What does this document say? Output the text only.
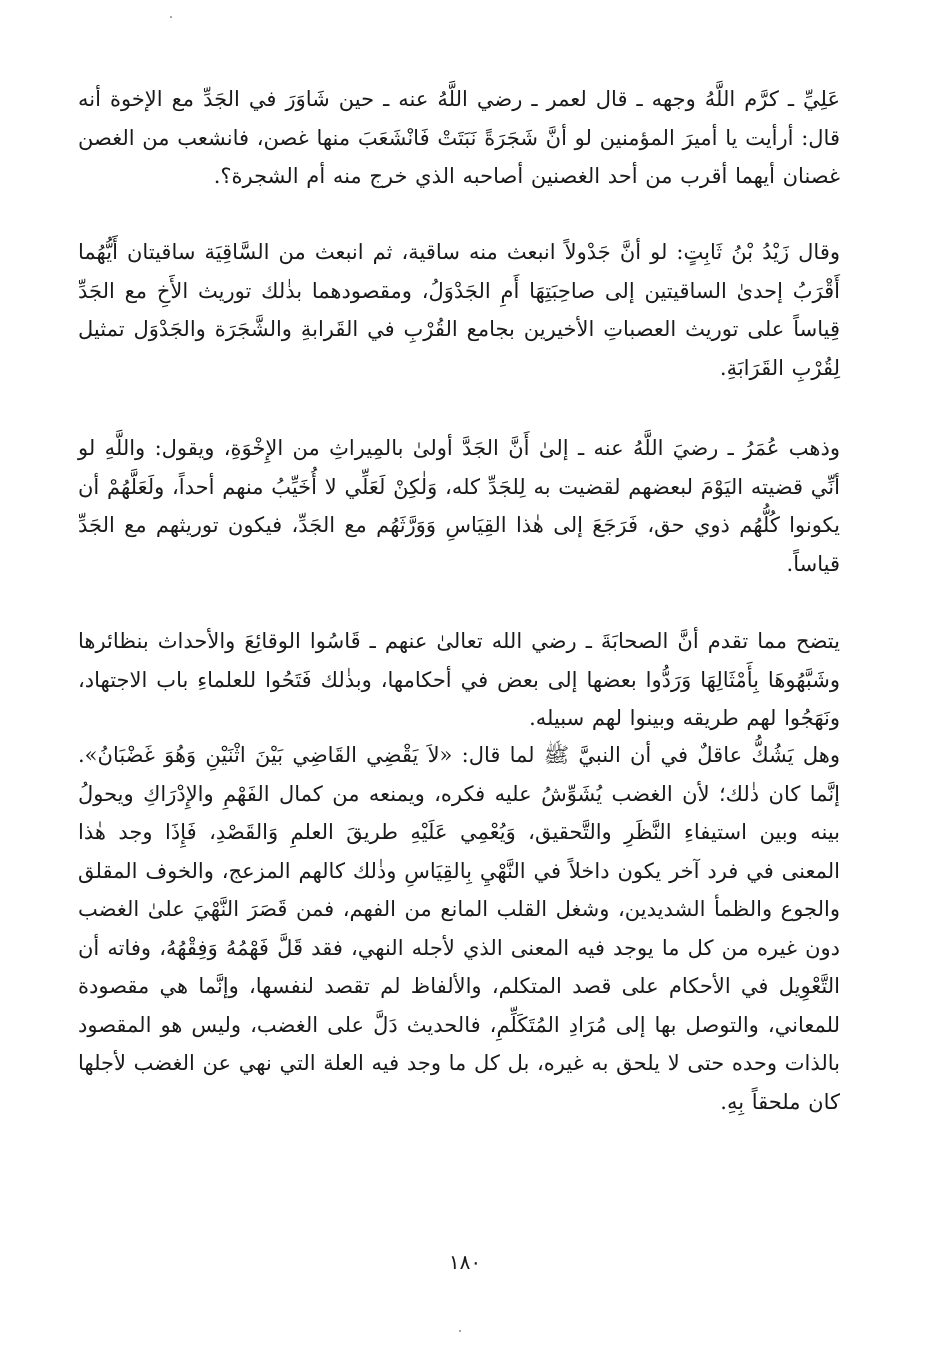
عَلِيِّ ـ كرَّم اللَّهُ وجهه ـ قال لعمر ـ رضي اللَّهُ عنه ـ حين شَاوَرَ في الجَدِّ مع الإخوة أنه قال: أرأيت يا أميرَ المؤمنين لو أنَّ شَجَرَةً نَبَتَتْ فَانْشَعَبَ منها غصن، فانشعب من الغصن غصنان أيهما أقرب من أحد الغصنين أصاحبه الذي خرج منه أم الشجرة؟.

وقال زَيْدُ بْنُ ثَابِتٍ: لو أنَّ جَدْولاً انبعث منه ساقية، ثم انبعث من السَّاقِيَة ساقيتان أَيُّهُما أَقْرَبُ إحدىٰ الساقيتين إلى صاحِبَتِهَا أَمِ الجَدْوَلُ، ومقصودهما بذٰلك توريث الأَخِ مع الجَدِّ قِياساً على توريث العصباتِ الأخيرين بجامع القُرْبِ في القَرابةِ والشَّجَرَة والجَدْوَل تمثيل لِقُرْبِ القَرَابَةِ.

وذهب عُمَرُ ـ رضيَ اللَّهُ عنه ـ إلىٰ أَنَّ الجَدَّ أولىٰ بالمِيراثِ من الإِخْوَةِ، ويقول: واللَّهِ لو أنِّي قضيته اليَوْمَ لبعضهم لقضيت به لِلجَدِّ كله، وَلٰكِنْ لَعَلِّي لا أُخَيِّبُ منهم أحداً، ولَعَلَّهُمْ أن يكونوا كُلُّهُم ذوي حق، فَرَجَعَ إلى هٰذا القِيَاسِ وَوَرَّثَهُم مع الجَدِّ، فيكون توريثهم مع الجَدِّ قياساً.

يتضح مما تقدم أنَّ الصحابَةَ ـ رضي الله تعالىٰ عنهم ـ قَاسُوا الوقائِعَ والأحداث بنظائرها وشَبَّهُوهَا بِأَمْثَالِهَا وَرَدُّوا بعضها إلى بعض في أحكامها، وبذٰلك فَتَحُوا للعلماءِ باب الاجتهاد، ونَهَجُوا لهم طريقه وبينوا لهم سبيله.

وهل يَشُكُّ عاقلٌ في أن النبيَّ ﷺ لما قال: «لاَ يَقْضِي القَاضِي بَيْنَ اثْنَيْنِ وَهُوَ غَضْبَانُ». إنَّما كان ذٰلك؛ لأن الغضب يُشَوِّشُ عليه فكره، ويمنعه من كمال الفَهْمِ والإِدْرَاكِ ويحولُ بينه وبين استيفاءِ النَّظَرِ والتَّحقيق، وَيُعْمِي عَلَيْهِ طريقَ العلمِ وَالقَصْدِ، فَإِذَا وجد هٰذا المعنى في فرد آخر يكون داخلاً في النَّهْيِ بِالقِيَاسِ وذٰلك كالهم المزعج، والخوف المقلق والجوع والظمأ الشديدين، وشغل القلب المانع من الفهم، فمن قَصَرَ النَّهْيَ علىٰ الغضب دون غيره من كل ما يوجد فيه المعنى الذي لأجله النهي، فقد قَلَّ فَهْمُهُ وَفِقْهُهُ، وفاته أن التَّعْوِيل في الأحكام على قصد المتكلم، والألفاظ لم تقصد لنفسها، وإنَّما هي مقصودة للمعاني، والتوصل بها إلى مُرَادِ المُتَكَلِّمِ، فالحديث دَلَّ على الغضب، وليس هو المقصود بالذات وحده حتى لا يلحق به غيره، بل كل ما وجد فيه العلة التي نهي عن الغضب لأجلها كان ملحقاً بِهِ.

١٨٠
